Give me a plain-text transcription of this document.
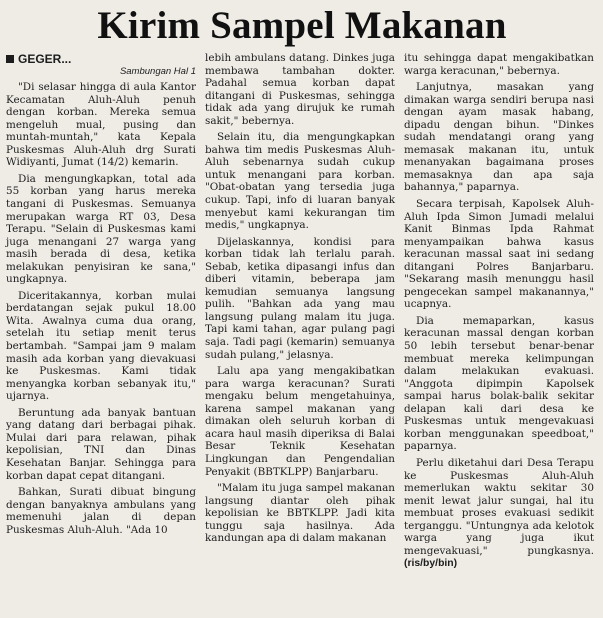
Kirim Sampel Makanan
GEGER...
Sambungan Hal 1

"Di selasar hingga di aula Kantor Kecamatan Aluh-Aluh penuh dengan korban. Mereka semua mengeluh mual, pusing dan muntah-muntah," kata Kepala Puskesmas Aluh-Aluh drg Surati Widiyanti, Jumat (14/2) kemarin.

Dia mengungkapkan, total ada 55 korban yang harus mereka tangani di Puskesmas. Semuanya merupakan warga RT 03, Desa Terapu. "Selain di Puskesmas kami juga menangani 27 warga yang masih berada di desa, ketika melakukan penyisiran ke sana," ungkapnya.

Diceritakannya, korban mulai berdatangan sejak pukul 18.00 Wita. Awalnya cuma dua orang, setelah itu setiap menit terus bertambah. "Sampai jam 9 malam masih ada korban yang dievakuasi ke Puskesmas. Kami tidak menyangka korban sebanyak itu," ujarnya.

Beruntung ada banyak bantuan yang datang dari berbagai pihak. Mulai dari para relawan, pihak kepolisian, TNI dan Dinas Kesehatan Banjar. Sehingga para korban dapat cepat ditangani.

Bahkan, Surati dibuat bingung dengan banyaknya ambulans yang memenuhi jalan di depan Puskesmas Aluh-Aluh. "Ada 10

lebih ambulans datang. Dinkes juga membawa tambahan dokter. Padahal semua korban dapat ditangani di Puskesmas, sehingga tidak ada yang dirujuk ke rumah sakit," bebernya.

Selain itu, dia mengungkapkan bahwa tim medis Puskesmas Aluh-Aluh sebenarnya sudah cukup untuk menangani para korban. "Obat-obatan yang tersedia juga cukup. Tapi, info di luaran banyak menyebut kami kekurangan tim medis," ungkapnya.

Dijelaskannya, kondisi para korban tidak lah terlalu parah. Sebab, ketika dipasangi infus dan diberi vitamin, beberapa jam kemudian semuanya langsung pulih. "Bahkan ada yang mau langsung pulang malam itu juga. Tapi kami tahan, agar pulang pagi saja. Tadi pagi (kemarin) semuanya sudah pulang," jelasnya.

Lalu apa yang mengakibatkan para warga keracunan? Surati mengaku belum mengetahuinya, karena sampel makanan yang dimakan oleh seluruh korban di acara haul masih diperiksa di Balai Besar Teknik Kesehatan Lingkungan dan Pengendalian Penyakit (BBTKLPP) Banjarbaru.

"Malam itu juga sampel makanan langsung diantar oleh pihak kepolisian ke BBTKLPP. Jadi kita tunggu saja hasilnya. Ada kandungan apa di dalam makanan

itu sehingga dapat mengakibatkan warga keracunan," bebernya.

Lanjutnya, masakan yang dimakan warga sendiri berupa nasi dengan ayam masak habang, dipadu dengan bihun. "Dinkes sudah mendatangi orang yang memasak makanan itu, untuk menanyakan bagaimana proses memasaknya dan apa saja bahannya," paparnya.

Secara terpisah, Kapolsek Aluh-Aluh Ipda Simon Jumadi melalui Kanit Binmas Ipda Rahmat menyampaikan bahwa kasus keracunan massal saat ini sedang ditangani Polres Banjarbaru. "Sekarang masih menunggu hasil pengecekan sampel makanannya," ucapnya.

Dia memaparkan, kasus keracunan massal dengan korban 50 lebih tersebut benar-benar membuat mereka kelimpungan dalam melakukan evakuasi. "Anggota dipimpin Kapolsek sampai harus bolak-balik sekitar delapan kali dari desa ke Puskesmas untuk mengevakuasi korban menggunakan speedboat," paparnya.

Perlu diketahui dari Desa Terapu ke Puskesmas Aluh-Aluh memerlukan waktu sekitar 30 menit lewat jalur sungai, hal itu membuat proses evakuasi sedikit terganggu. "Untungnya ada kelotok warga yang juga ikut mengevakuasi," pungkasnya. (ris/by/bin)
